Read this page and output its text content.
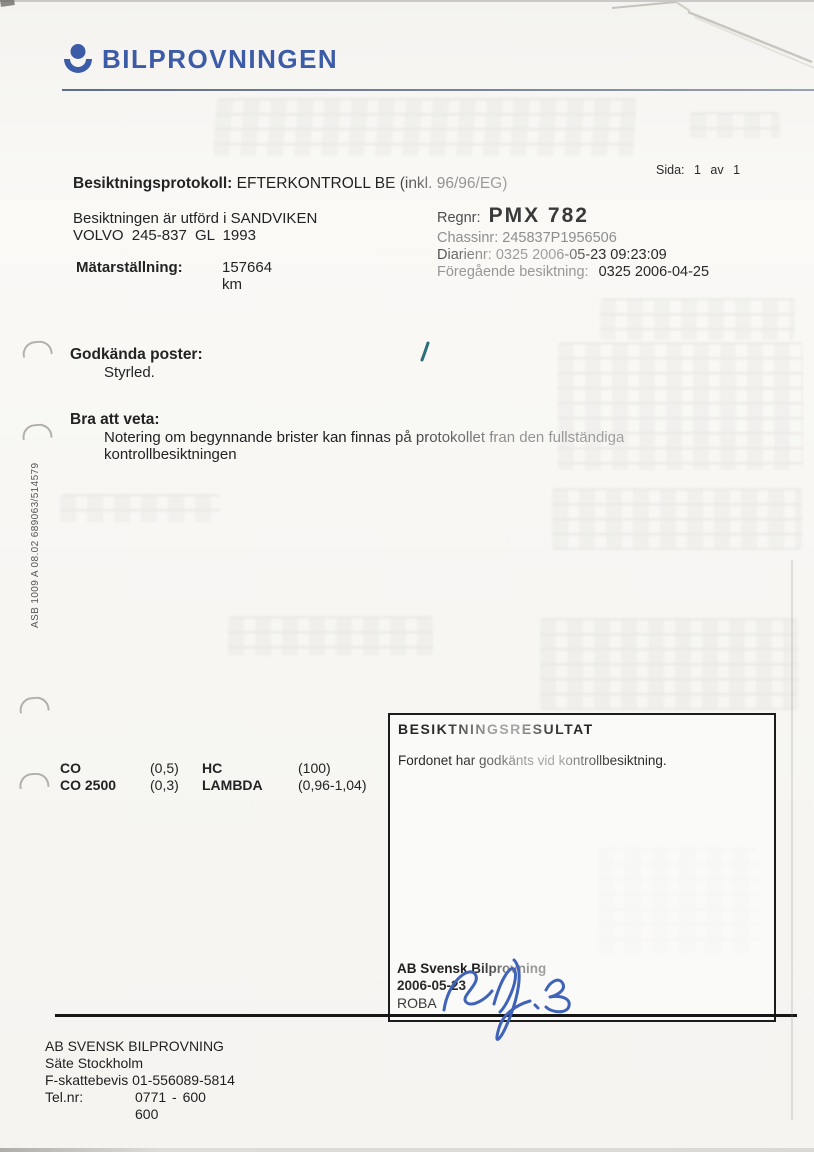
BILPROVNINGEN
Sida: 1 av 1
Besiktningsprotokoll: EFTERKONTROLL BE (inkl. 96/96/EG)
Besiktningen är utförd i SANDVIKEN
VOLVO 245-837 GL 1993
Mätarställning:	157664 km
Regnr: PMX 782
Chassinr: 245837P1956506
Diarienr: 0325 2006-05-23 09:23:09
Föregående besiktning: 0325 2006-04-25
Godkända poster:
Styrled.
Bra att veta:
Notering om begynnande brister kan finnas på protokollet fran den fullständiga
kontrollbesiktningen
ASB 1009 A 08.02 689063/514579
CO	(0,5) HC	(100)
CO 2500 (0,3) LAMBDA	(0,96-1,04)
BESIKTNINGSRESULTAT
Fordonet har godkänts vid kontrollbesiktning.
AB Svensk Bilprovning
2006-05-23
ROBA
AB SVENSK BILPROVNING
Säte Stockholm
F-skattebevis 01-556089-5814
Tel.nr:	0771 - 600 600
